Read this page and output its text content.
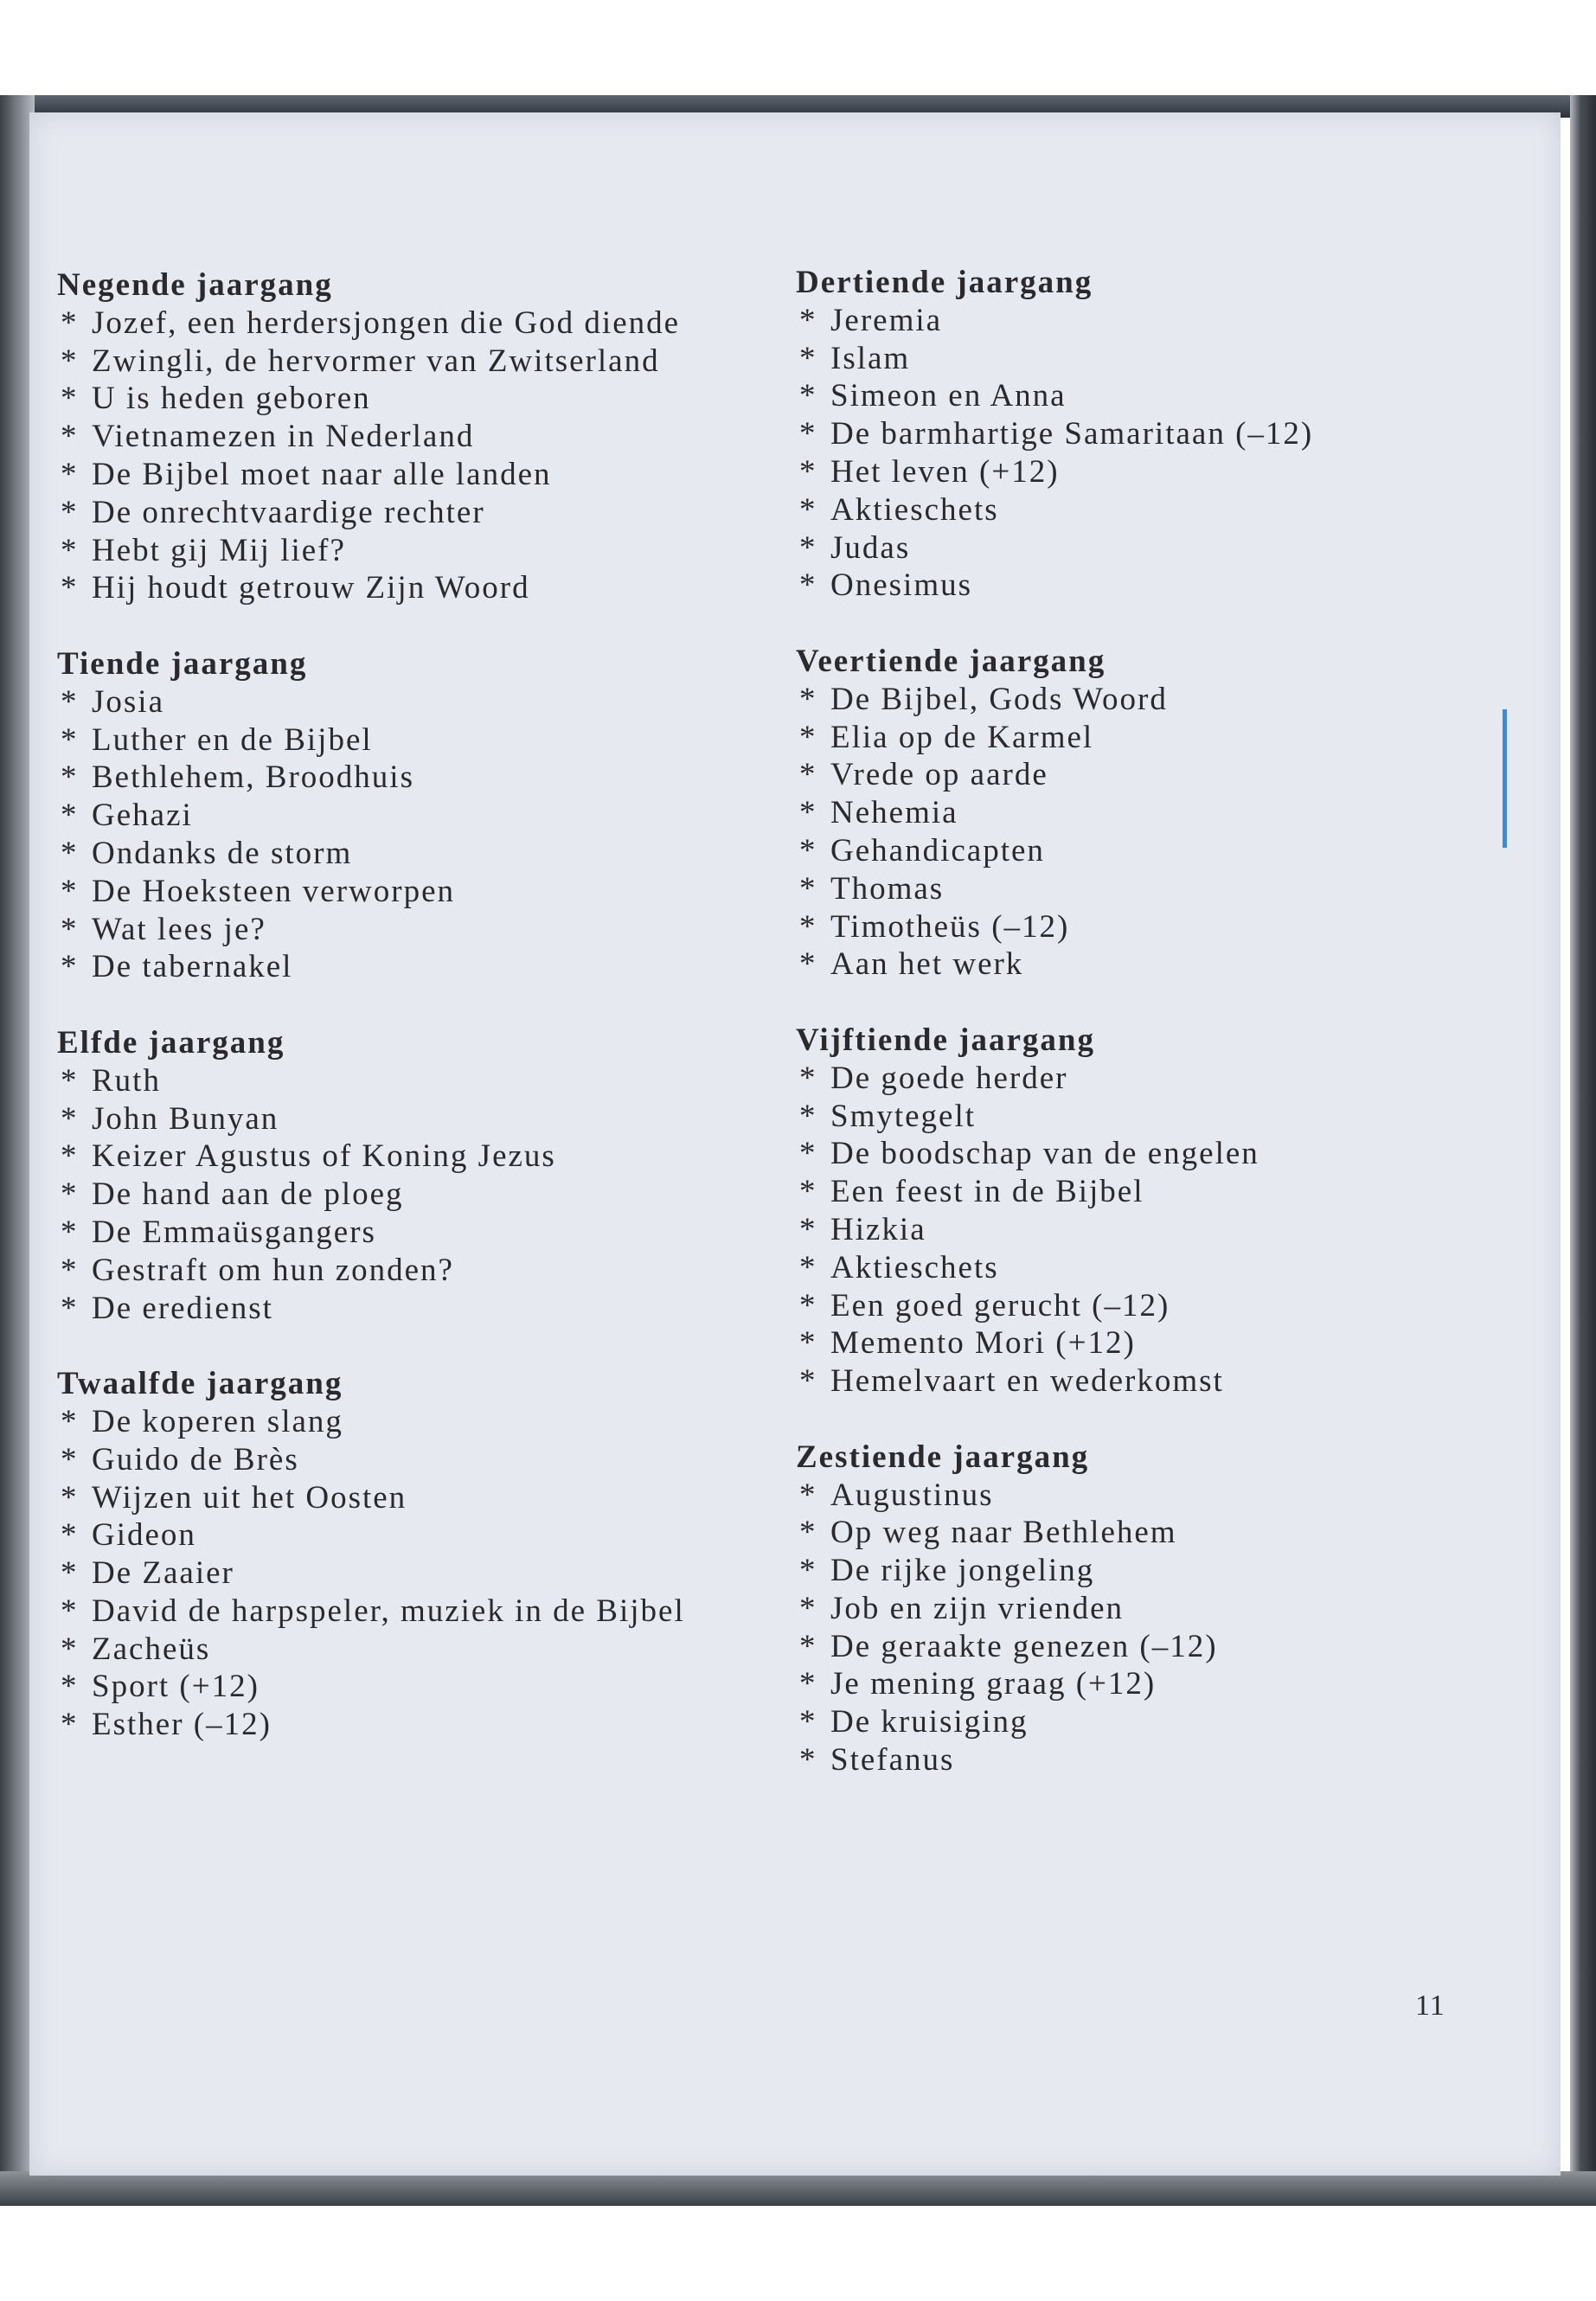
Negende jaargang
* Jozef, een herdersjongen die God diende
* Zwingli, de hervormer van Zwitserland
* U is heden geboren
* Vietnamezen in Nederland
* De Bijbel moet naar alle landen
* De onrechtvaardige rechter
* Hebt gij Mij lief?
* Hij houdt getrouw Zijn Woord
Tiende jaargang
* Josia
* Luther en de Bijbel
* Bethlehem, Broodhuis
* Gehazi
* Ondanks de storm
* De Hoeksteen verworpen
* Wat lees je?
* De tabernakel
Elfde jaargang
* Ruth
* John Bunyan
* Keizer Agustus of Koning Jezus
* De hand aan de ploeg
* De Emmaüsgangers
* Gestraft om hun zonden?
* De eredienst
Twaalfde jaargang
* De koperen slang
* Guido de Brès
* Wijzen uit het Oosten
* Gideon
* De Zaaier
* David de harpspeler, muziek in de Bijbel
* Zacheüs
* Sport (+12)
* Esther (–12)
Dertiende jaargang
* Jeremia
* Islam
* Simeon en Anna
* De barmhartige Samaritaan (–12)
* Het leven (+12)
* Aktieschets
* Judas
* Onesimus
Veertiende jaargang
* De Bijbel, Gods Woord
* Elia op de Karmel
* Vrede op aarde
* Nehemia
* Gehandicapten
* Thomas
* Timotheüs (–12)
* Aan het werk
Vijftiende jaargang
* De goede herder
* Smytegelt
* De boodschap van de engelen
* Een feest in de Bijbel
* Hizkia
* Aktieschets
* Een goed gerucht (–12)
* Memento Mori (+12)
* Hemelvaart en wederkomst
Zestiende jaargang
* Augustinus
* Op weg naar Bethlehem
* De rijke jongeling
* Job en zijn vrienden
* De geraakte genezen (–12)
* Je mening graag (+12)
* De kruisiging
* Stefanus
11
